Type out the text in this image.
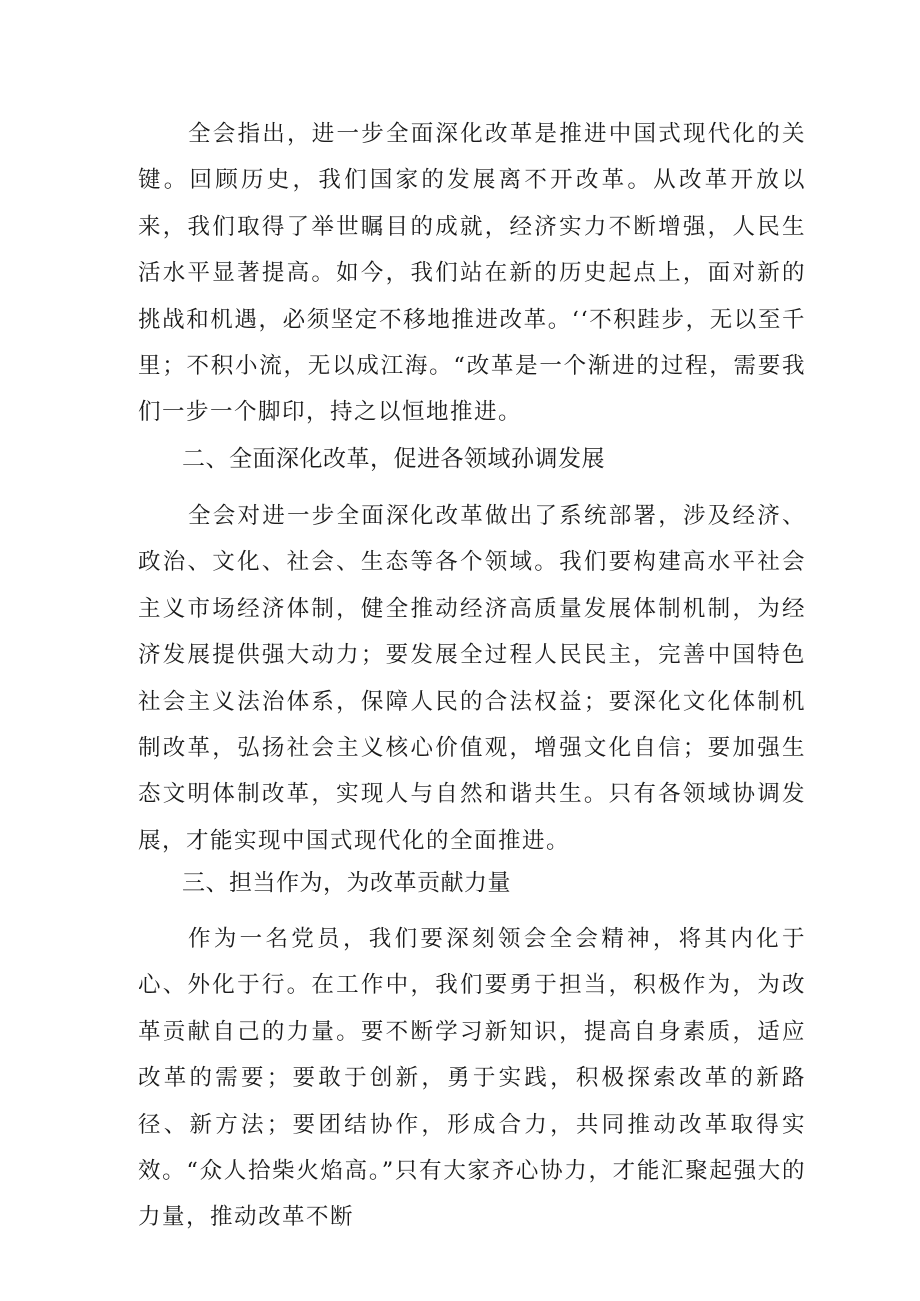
全会指出，进一步全面深化改革是推进中国式现代化的关键。回顾历史，我们国家的发展离不开改革。从改革开放以来，我们取得了举世瞩目的成就，经济实力不断增强，人民生活水平显著提高。如今，我们站在新的历史起点上，面对新的挑战和机遇，必须坚定不移地推进改革。‘‘不积跬步，无以至千里；不积小流，无以成江海。“改革是一个渐进的过程，需要我们一步一个脚印，持之以恒地推进。

二、全面深化改革，促进各领域孙调发展

全会对进一步全面深化改革做出了系统部署，涉及经济、政治、文化、社会、生态等各个领域。我们要构建高水平社会主义市场经济体制，健全推动经济高质量发展体制机制，为经济发展提供强大动力；要发展全过程人民民主，完善中国特色社会主义法治体系，保障人民的合法权益；要深化文化体制机制改革，弘扬社会主义核心价值观，增强文化自信；要加强生态文明体制改革，实现人与自然和谐共生。只有各领域协调发展，才能实现中国式现代化的全面推进。

三、担当作为，为改革贡献力量

作为一名党员，我们要深刻领会全会精神，将其内化于心、外化于行。在工作中，我们要勇于担当，积极作为，为改革贡献自己的力量。要不断学习新知识，提高自身素质，适应改革的需要；要敢于创新，勇于实践，积极探索改革的新路径、新方法；要团结协作，形成合力，共同推动改革取得实效。“众人拾柴火焰高。”只有大家齐心协力，才能汇聚起强大的力量，推动改革不断
